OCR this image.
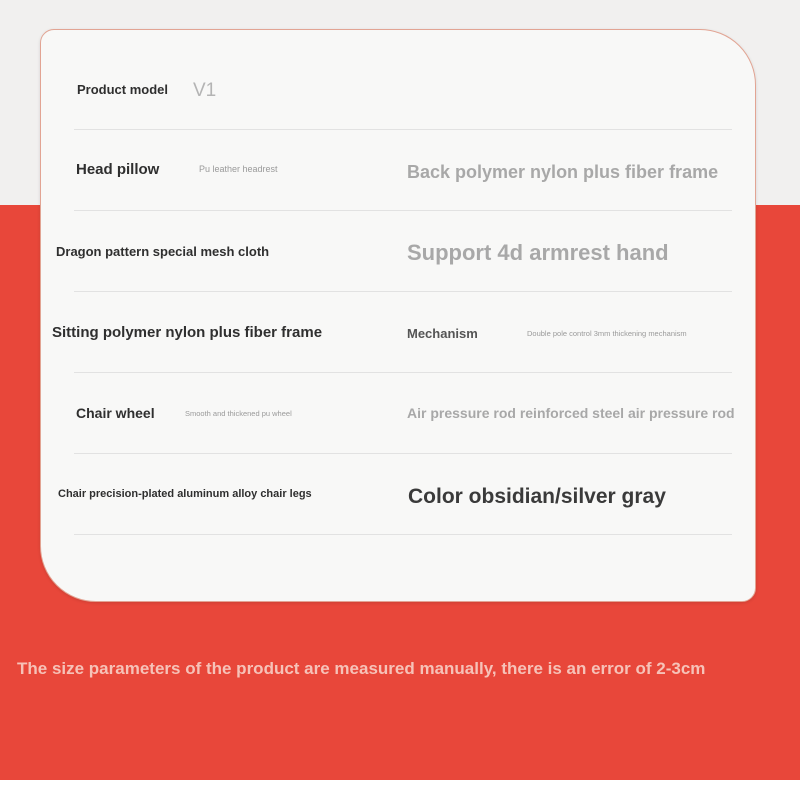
Product model V1
Head pillow	Pu leather headrest	Back polymer nylon plus fiber frame
Dragon pattern special mesh cloth	Support 4d armrest hand
Sitting polymer nylon plus fiber frame	Mechanism	Double pole control 3mm thickening mechanism
Chair wheel	Smooth and thickened pu wheel	Air pressure rod reinforced steel air pressure rod
Chair precision-plated aluminum alloy chair legs	Color obsidian/silver gray
The size parameters of the product are measured manually, there is an error of 2-3cm
